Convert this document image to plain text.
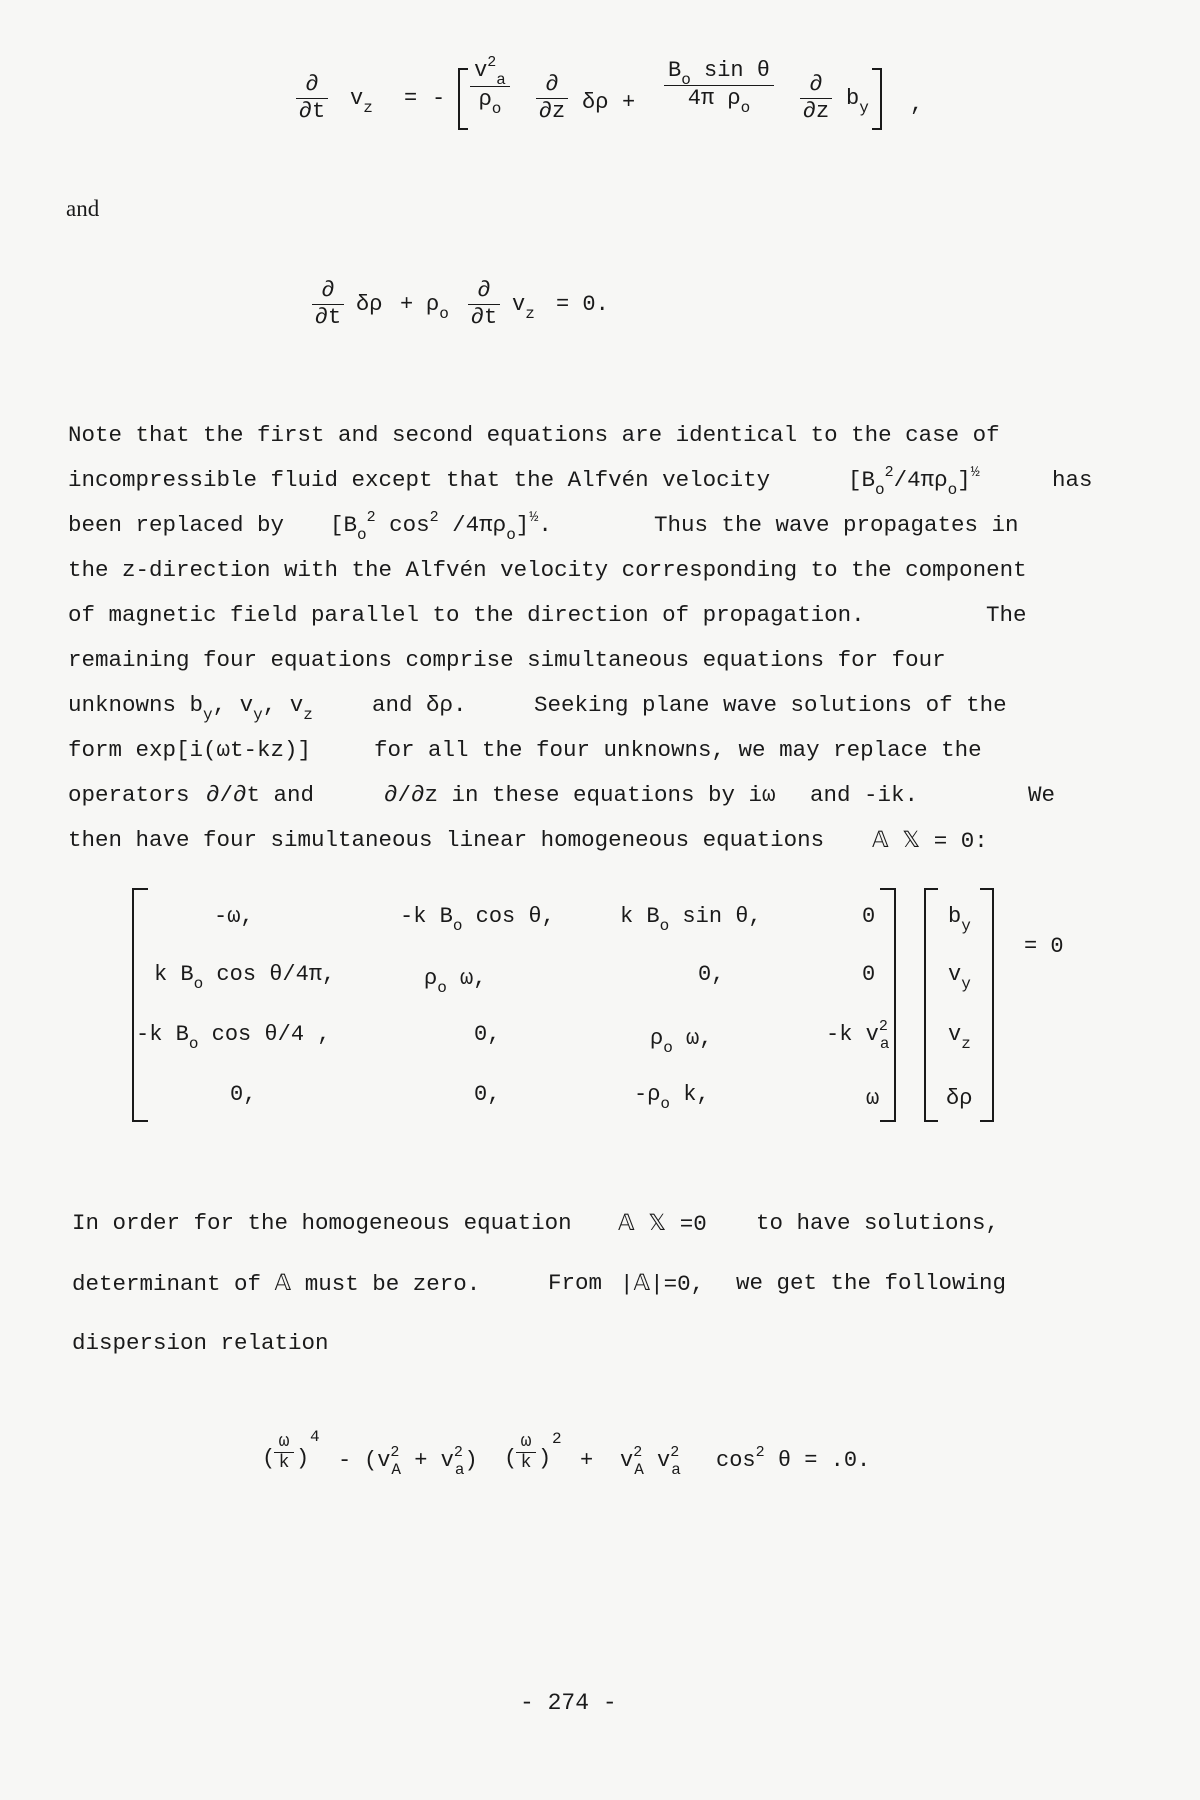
∂
∂t
$v_z$ = - $\frac{v^2_a}{\rho_o}$	∂
∂z $\delta\rho + \frac{B_o \sin \theta}{4\pi \rho_o}$	∂
∂z
$b_y$ ,
and
∂
∂t
$\delta\rho + \rho_o$
∂
∂t
$v_z = 0$.
Note that the first and second equations are identical to the case of
incompressible fluid except that the Alfvén velocity	$[B_o^2/4\pi\rho_o]^{\frac{1}{2}}$	has
been replaced by [$B_o^2$ $\cos^2 /4\pi\rho_o]^{\frac{1}{2}}$.	Thus the wave propagates in
the z-direction with the Alfvén velocity corresponding to the component
of magnetic field parallel to the direction of propagation.	The
remaining four equations comprise simultaneous equations for four
unknowns $b_y$, $v_y$, $v_z$	and δρ.	Seeking plane wave solutions of the
form exp[i(ωt-kz)]	for all the four unknowns, we may replace the
operators ∂/∂t and	∂/∂z in these equations by iω and -ik.	We
then have four simultaneous linear homogeneous equations 𝔸 𝕏 = 0:
-ω,	-k $B_o$ cos θ,	k $B_o$ sin θ,	0
k $B_o$ cos θ/4π,	$\rho_o$ ω,	0,	0
-k $B_o$ cos θ/4 ,	0,	$\rho_o$ ω,	-k $v^2_a$
0,	0,	$-\rho_o$ k,	ω
$b_y$
$v_y$
$v_z$
δρ
= 0
In order for the homogeneous equation 𝔸 𝕏 =0 to have solutions,
determinant of 𝔸 must be zero.	From |𝔸|=0, we get the following
dispersion relation
(
$\frac{\omega}{k}$ )
4
- $(v^2_A + v^2_a)$ (
$\frac{\omega}{k}$ )
2
+ $v^2_A$ $v^2_a$ $\cos^2 \theta = .0$.
- 274 -
